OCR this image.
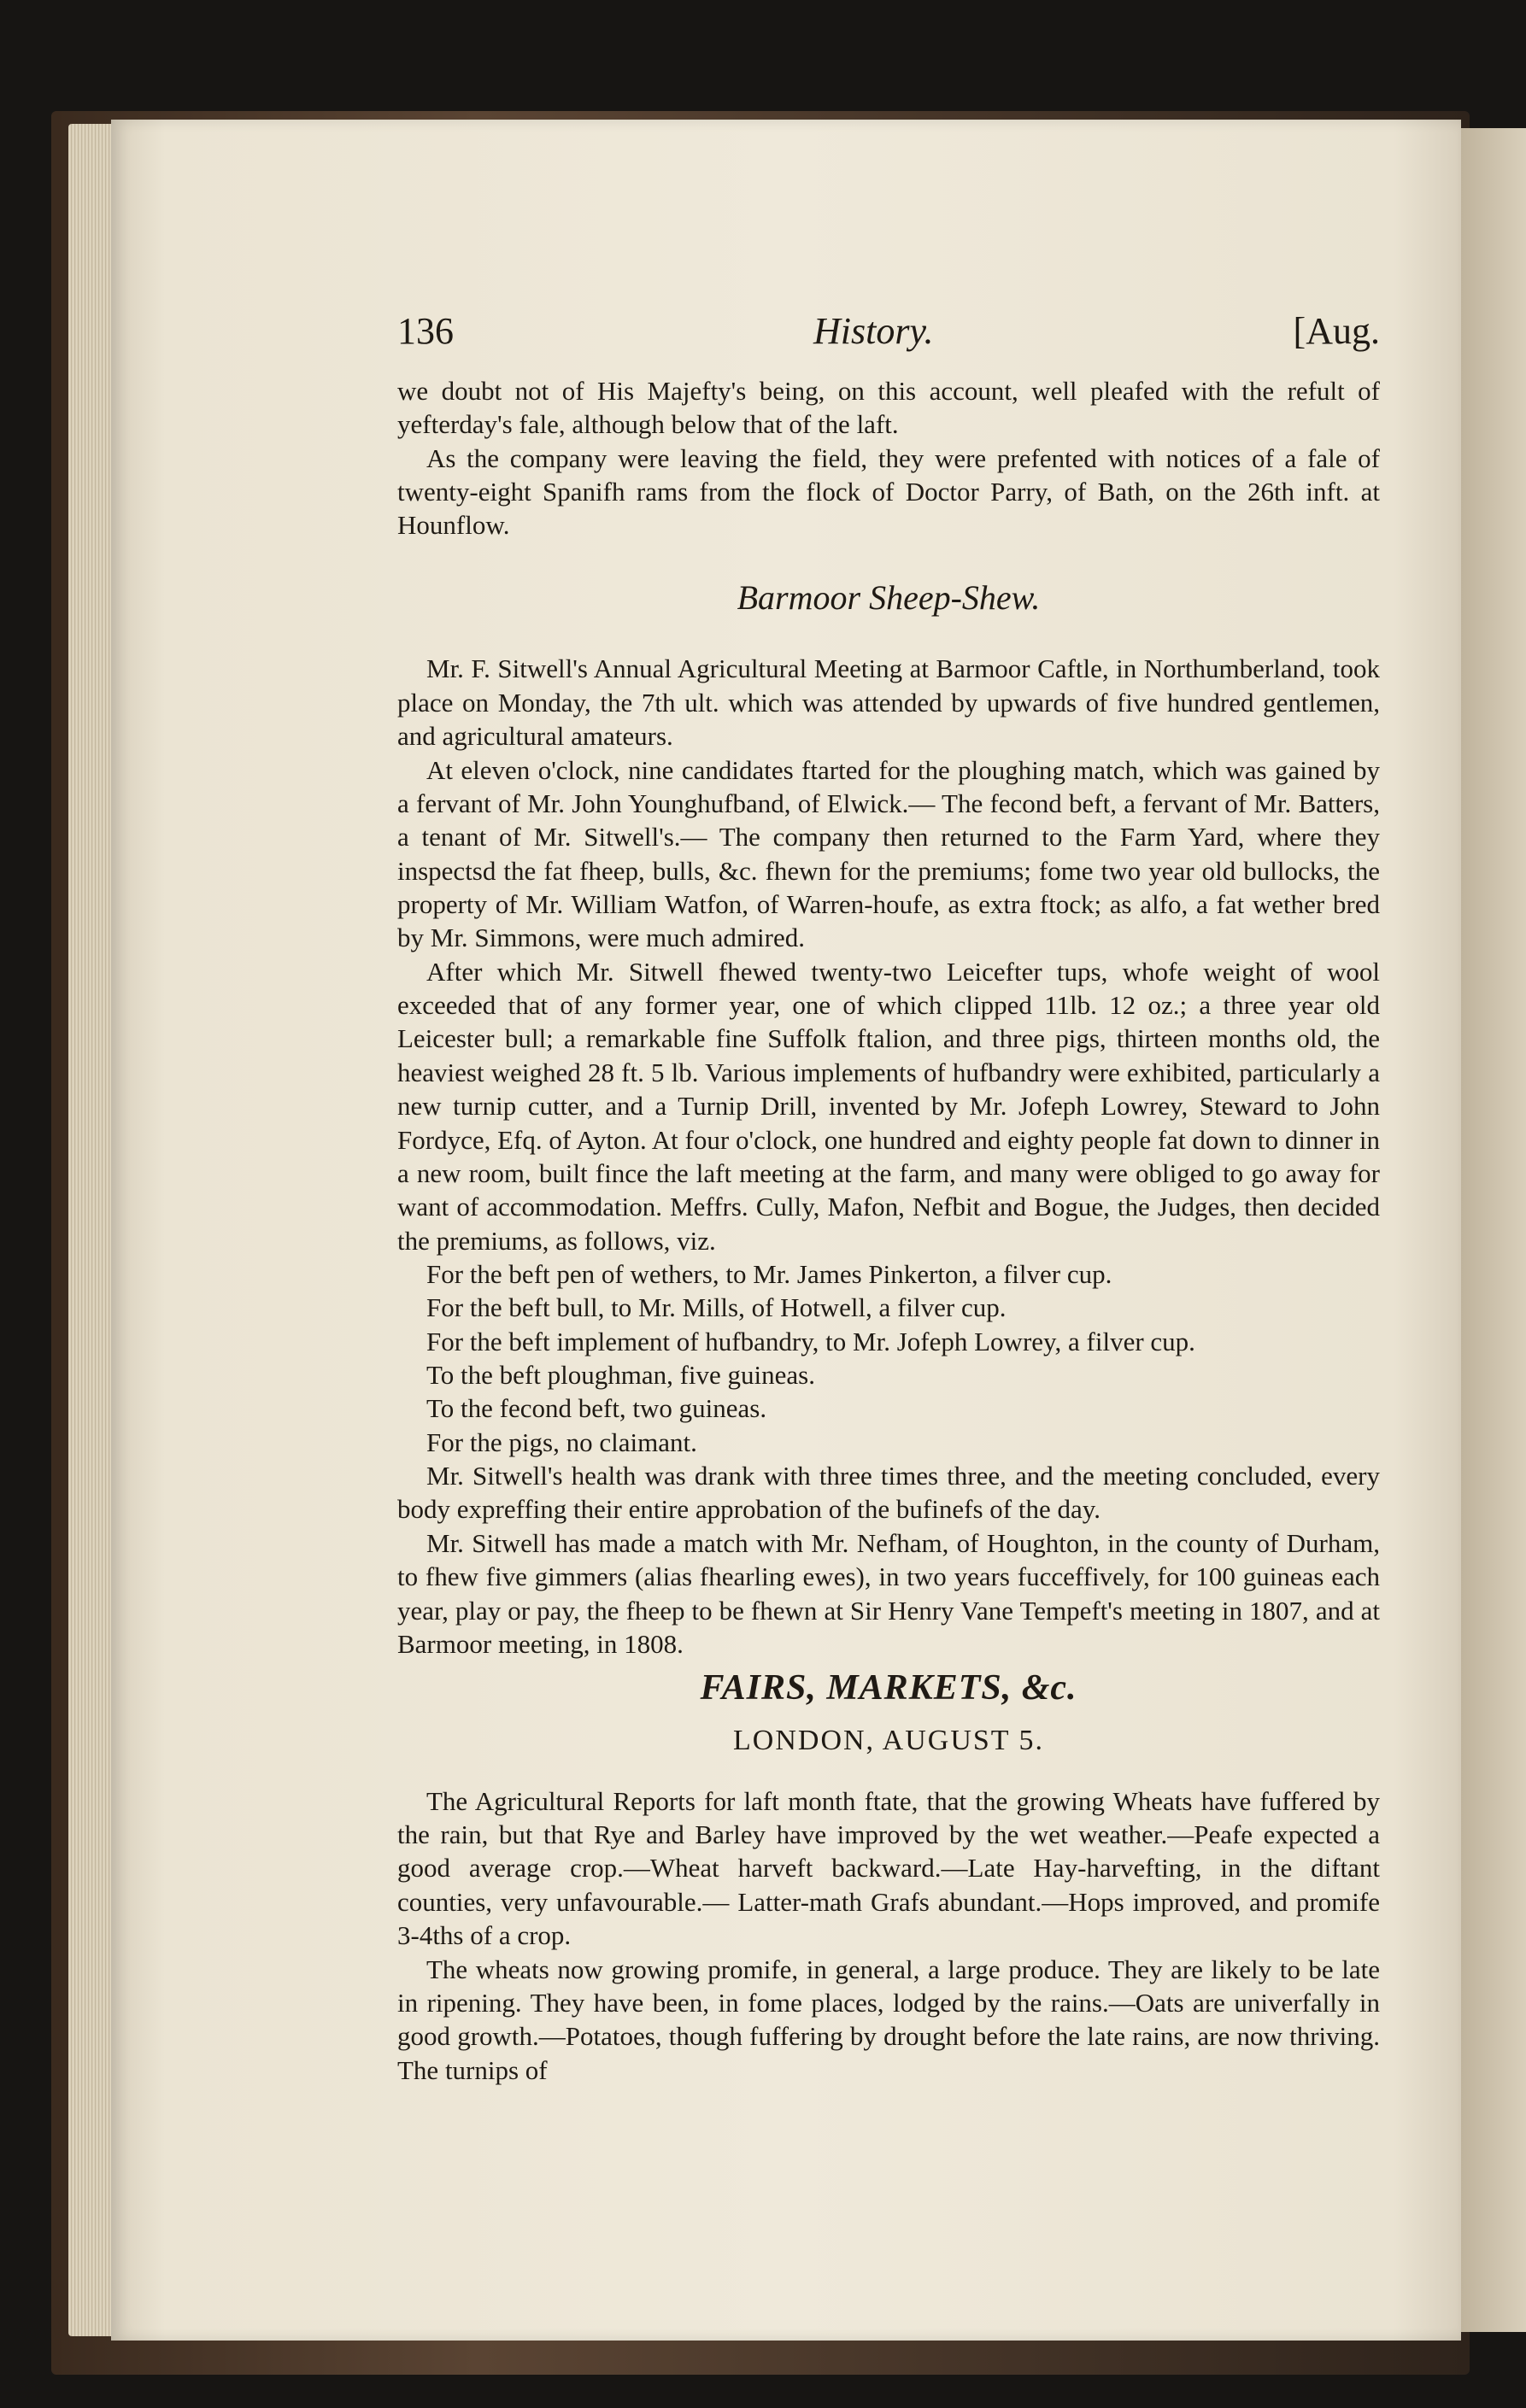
136	History.	[Aug.

we doubt not of His Majefty's being, on this account, well pleafed with the refult of yefterday's fale, although below that of the laft.

As the company were leaving the field, they were prefented with notices of a fale of twenty-eight Spanifh rams from the flock of Doctor Parry, of Bath, on the 26th inft. at Hounflow.

Barmoor Sheep-Shew.

Mr. F. Sitwell's Annual Agricultural Meeting at Barmoor Caftle, in Northumberland, took place on Monday, the 7th ult. which was attended by upwards of five hundred gentlemen, and agricultural amateurs.

At eleven o'clock, nine candidates ftarted for the ploughing match, which was gained by a fervant of Mr. John Younghufband, of Elwick.— The fecond beft, a fervant of Mr. Batters, a tenant of Mr. Sitwell's.— The company then returned to the Farm Yard, where they inspectsd the fat fheep, bulls, &c. fhewn for the premiums; fome two year old bullocks, the property of Mr. William Watfon, of Warren-houfe, as extra ftock; as alfo, a fat wether bred by Mr. Simmons, were much admired.

After which Mr. Sitwell fhewed twenty-two Leicefter tups, whofe weight of wool exceeded that of any former year, one of which clipped 11lb. 12 oz.; a three year old Leicester bull; a remarkable fine Suffolk ftalion, and three pigs, thirteen months old, the heaviest weighed 28 ft. 5 lb. Various implements of hufbandry were exhibited, particularly a new turnip cutter, and a Turnip Drill, invented by Mr. Jofeph Lowrey, Steward to John Fordyce, Efq. of Ayton. At four o'clock, one hundred and eighty people fat down to dinner in a new room, built fince the laft meeting at the farm, and many were obliged to go away for want of accommodation. Meffrs. Cully, Mafon, Nefbit and Bogue, the Judges, then decided the premiums, as follows, viz.

For the beft pen of wethers, to Mr. James Pinkerton, a filver cup.

For the beft bull, to Mr. Mills, of Hotwell, a filver cup.

For the beft implement of hufbandry, to Mr. Jofeph Lowrey, a filver cup.

To the beft ploughman, five guineas.

To the fecond beft, two guineas.

For the pigs, no claimant.

Mr. Sitwell's health was drank with three times three, and the meeting concluded, every body expreffing their entire approbation of the bufinefs of the day.

Mr. Sitwell has made a match with Mr. Nefham, of Houghton, in the county of Durham, to fhew five gimmers (alias fhearling ewes), in two years fucceffively, for 100 guineas each year, play or pay, the fheep to be fhewn at Sir Henry Vane Tempeft's meeting in 1807, and at Barmoor meeting, in 1808.

FAIRS, MARKETS, &c.
LONDON, AUGUST 5.

The Agricultural Reports for laft month ftate, that the growing Wheats have fuffered by the rain, but that Rye and Barley have improved by the wet weather.—Peafe expected a good average crop.—Wheat harveft backward.—Late Hay-harvefting, in the diftant counties, very unfavourable.— Latter-math Grafs abundant.—Hops improved, and promife 3-4ths of a crop.

The wheats now growing promife, in general, a large produce. They are likely to be late in ripening. They have been, in fome places, lodged by the rains.—Oats are univerfally in good growth.—Potatoes, though fuffering by drought before the late rains, are now thriving. The turnips of
